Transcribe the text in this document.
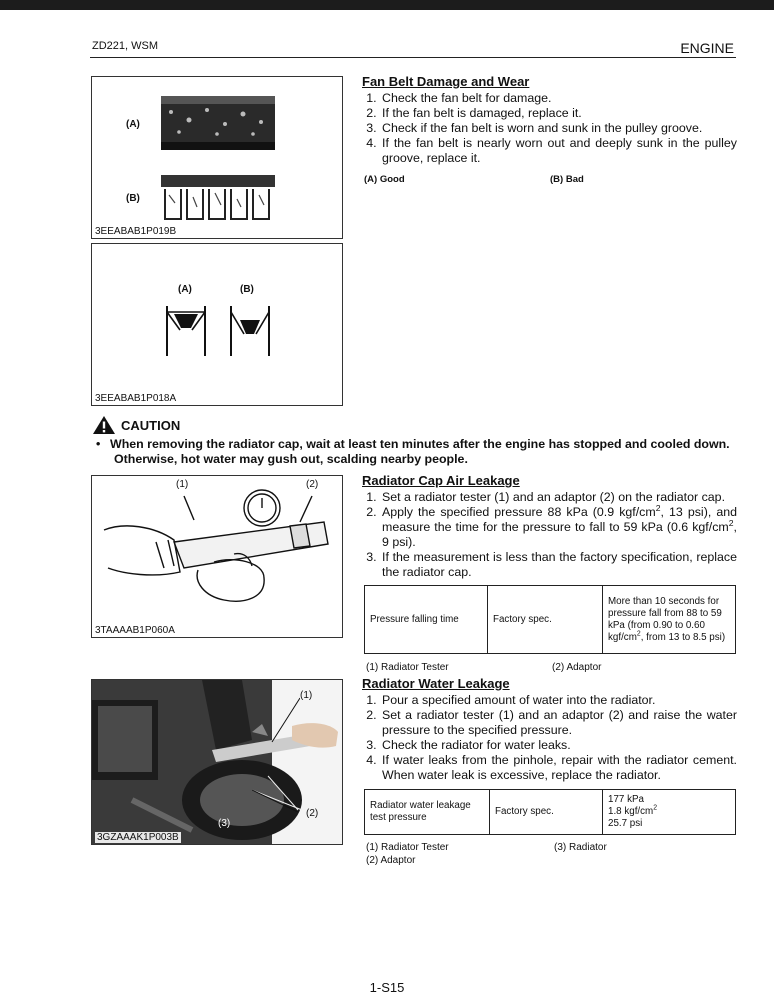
ZD221, WSM	ENGINE
(A)
(B)
3EEABAB1P019B
(A)	(B)
3EEABAB1P018A
Fan Belt Damage and Wear
1. Check the fan belt for damage.
2. If the fan belt is damaged, replace it.
3. Check if the fan belt is worn and sunk in the pulley groove.
4. If the fan belt is nearly worn out and deeply sunk in the pulley groove, replace it.
(A) Good	(B) Bad
CAUTION
• When removing the radiator cap, wait at least ten minutes after the engine has stopped and cooled down.
Otherwise, hot water may gush out, scalding nearby people.
(1)	(2)
3TAAAAB1P060A
Radiator Cap Air Leakage
1. Set a radiator tester (1) and an adaptor (2) on the radiator cap.
2. Apply the specified pressure 88 kPa (0.9 kgf/$cm^2$, 13 psi), and measure the time for the pressure to fall to 59 kPa (0.6 kgf/$cm^2$, 9 psi).
3. If the measurement is less than the factory specification, replace the radiator cap.
Pressure falling time	Factory spec.	More than 10 seconds for pressure fall from 88 to 59 kPa (from 0.90 to 0.60 kgf/$cm^2$, from 13 to 8.5 psi)
(1) Radiator Tester	(2) Adaptor
(1)
(2)
(3)
3GZAAAK1P003B
Radiator Water Leakage
1. Pour a specified amount of water into the radiator.
2. Set a radiator tester (1) and an adaptor (2) and raise the water pressure to the specified pressure.
3. Check the radiator for water leaks.
4. If water leaks from the pinhole, repair with the radiator cement. When water leak is excessive, replace the radiator.
Radiator water leakage test pressure	Factory spec.	
177 kPa
1.8 kgf/$cm^2$
25.7 psi
(1) Radiator Tester	(3) Radiator
(2) Adaptor
1-S15
